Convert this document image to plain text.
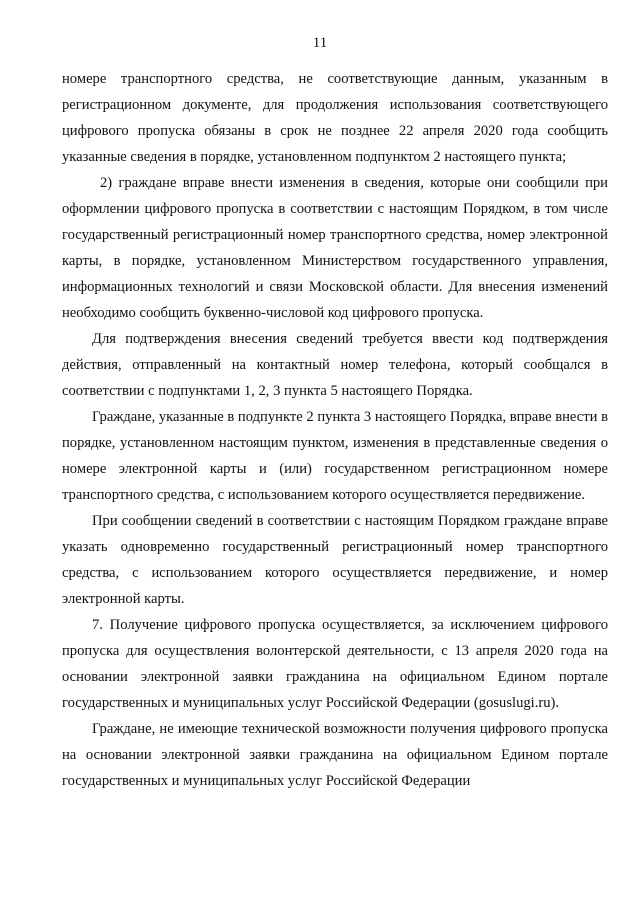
11

номере транспортного средства, не соответствующие данным, указанным в регистрационном документе, для продолжения использования соответствующего цифрового пропуска обязаны в срок не позднее 22 апреля 2020 года сообщить указанные сведения в порядке, установленном подпунктом 2 настоящего пункта;

2) граждане вправе внести изменения в сведения, которые они сообщили при оформлении цифрового пропуска в соответствии с настоящим Порядком, в том числе государственный регистрационный номер транспортного средства, номер электронной карты, в порядке, установленном Министерством государственного управления, информационных технологий и связи Московской области. Для внесения изменений необходимо сообщить буквенно-числовой код цифрового пропуска.

Для подтверждения внесения сведений требуется ввести код подтверждения действия, отправленный на контактный номер телефона, который сообщался в соответствии с подпунктами 1, 2, 3 пункта 5 настоящего Порядка.

Граждане, указанные в подпункте 2 пункта 3 настоящего Порядка, вправе внести в порядке, установленном настоящим пунктом, изменения в представленные сведения о номере электронной карты и (или) государственном регистрационном номере транспортного средства, с использованием которого осуществляется передвижение.

При сообщении сведений в соответствии с настоящим Порядком граждане вправе указать одновременно государственный регистрационный номер транспортного средства, с использованием которого осуществляется передвижение, и номер электронной карты.

7. Получение цифрового пропуска осуществляется, за исключением цифрового пропуска для осуществления волонтерской деятельности, с 13 апреля 2020 года на основании электронной заявки гражданина на официальном Едином портале государственных и муниципальных услуг Российской Федерации (gosuslugi.ru).

Граждане, не имеющие технической возможности получения цифрового пропуска на основании электронной заявки гражданина на официальном Едином портале государственных и муниципальных услуг Российской Федерации
